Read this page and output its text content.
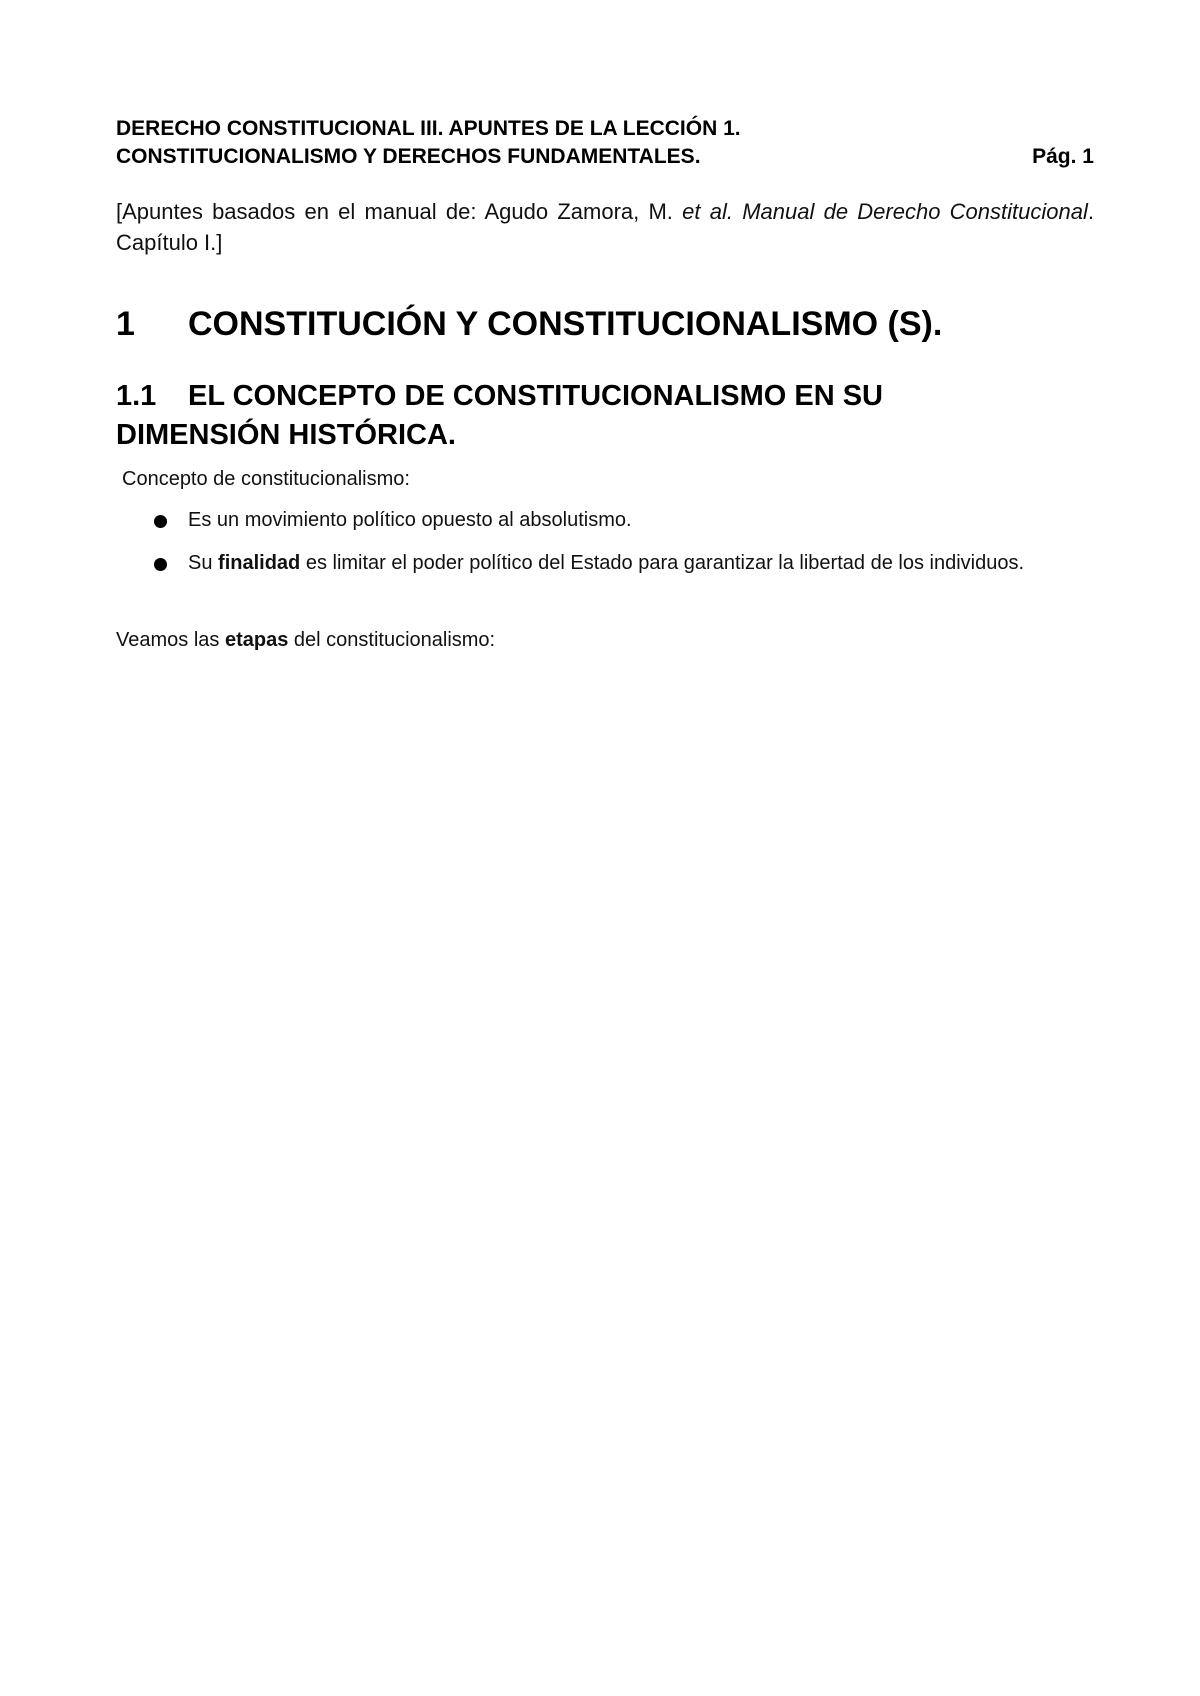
DERECHO CONSTITUCIONAL III. APUNTES DE LA LECCIÓN 1.
CONSTITUCIONALISMO Y DERECHOS FUNDAMENTALES.	Pág. 1
[Apuntes basados en el manual de: Agudo Zamora, M. et al. Manual de Derecho Constitucional. Capítulo I.]
1 CONSTITUCIÓN Y CONSTITUCIONALISMO (S).
1.1 EL CONCEPTO DE CONSTITUCIONALISMO EN SU DIMENSIÓN HISTÓRICA.
Concepto de constitucionalismo:
Es un movimiento político opuesto al absolutismo.
Su finalidad es limitar el poder político del Estado para garantizar la libertad de los individuos.
Veamos las etapas del constitucionalismo:
